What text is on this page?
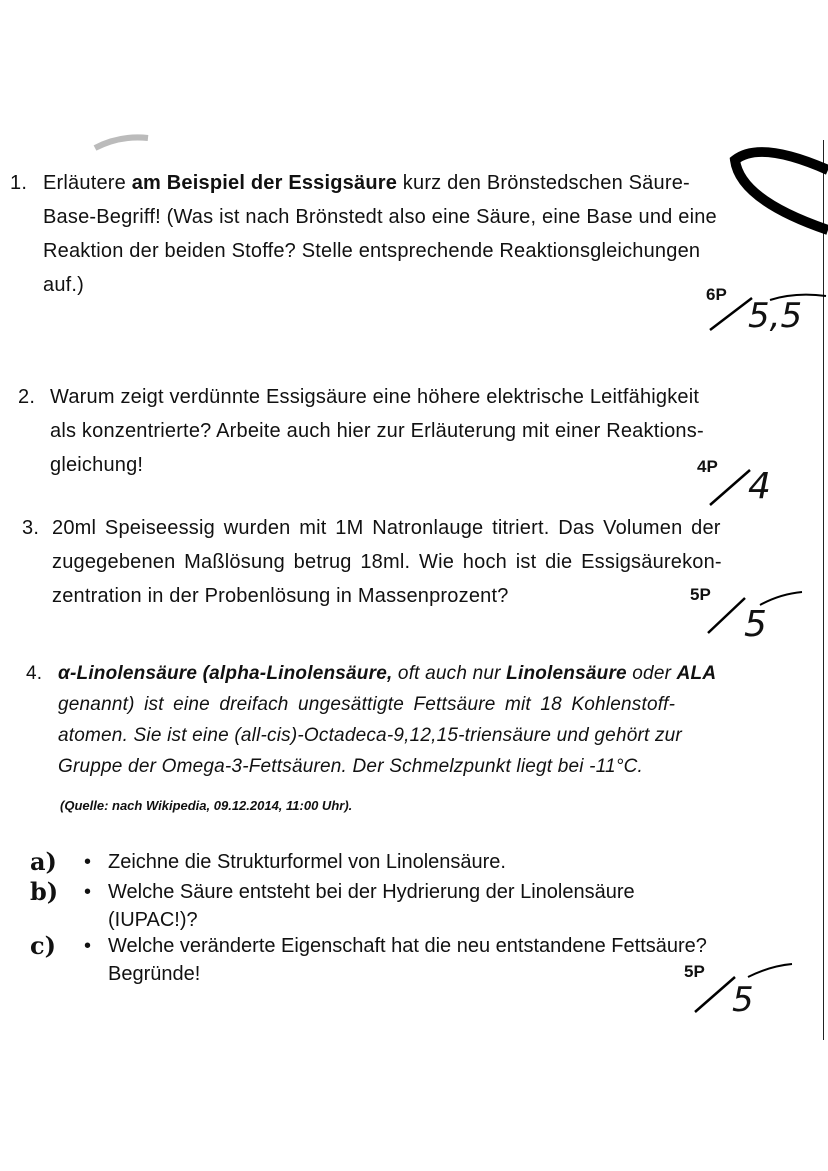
1. Erläutere am Beispiel der Essigsäure kurz den Brönstedschen Säure-
Base-Begriff! (Was ist nach Brönstedt also eine Säure, eine Base und eine
Reaktion der beiden Stoffe? Stelle entsprechende Reaktionsgleichungen
auf.)	6P
5,5
2. Warum zeigt verdünnte Essigsäure eine höhere elektrische Leitfähigkeit
als konzentrierte? Arbeite auch hier zur Erläuterung mit einer Reaktions-
gleichung!	4P 4
3. 20ml Speiseessig wurden mit 1M Natronlauge titriert. Das Volumen der
zugegebenen Maßlösung betrug 18ml. Wie hoch ist die Essigsäurekon-
zentration in der Probenlösung in Massenprozent?	5P
5
4. α-Linolensäure (alpha-Linolensäure, oft auch nur Linolensäure oder ALA
genannt) ist eine dreifach ungesättigte Fettsäure mit 18 Kohlenstoff-
atomen. Sie ist eine (all-cis)-Octadeca-9,12,15-triensäure und gehört zur
Gruppe der Omega-3-Fettsäuren. Der Schmelzpunkt liegt bei -11°C.
(Quelle: nach Wikipedia, 09.12.2014, 11:00 Uhr).
a) • Zeichne die Strukturformel von Linolensäure.
b) • Welche Säure entsteht bei der Hydrierung der Linolensäure
(IUPAC!)?
c) • Welche veränderte Eigenschaft hat die neu entstandene Fettsäure?
Begründe!	5P
5
